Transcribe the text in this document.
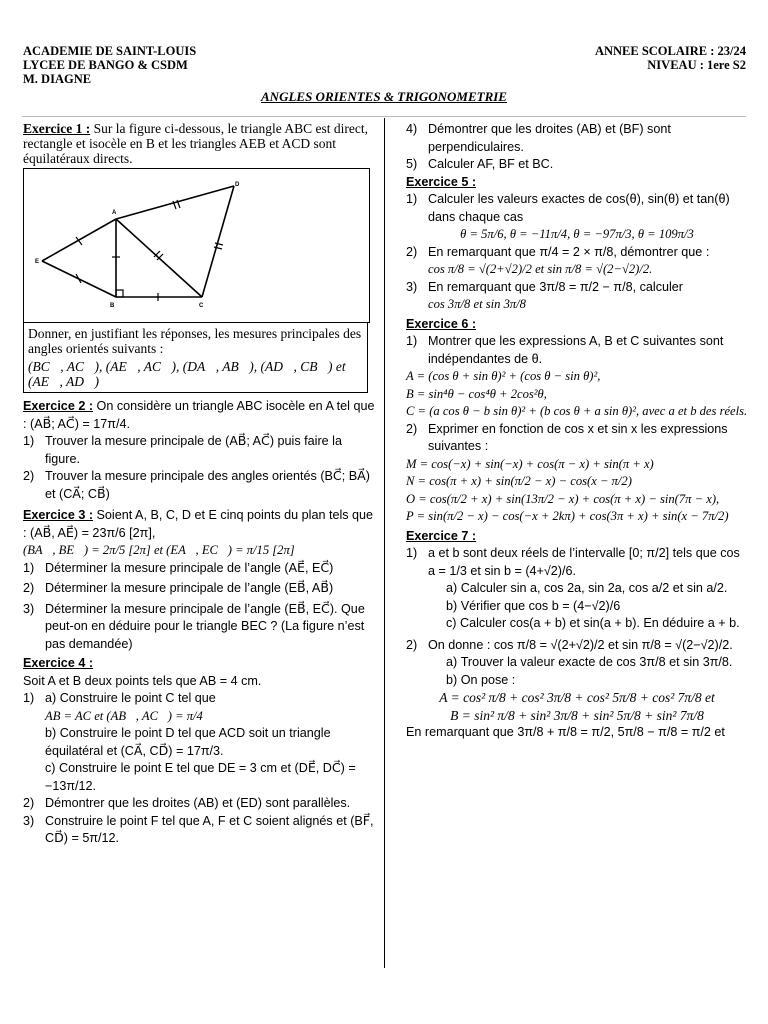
ACADEMIE DE SAINT-LOUIS
LYCEE DE BANGO & CSDM
M. DIAGNE
ANNEE SCOLAIRE : 23/24
NIVEAU : 1ere S2
ANGLES ORIENTES & TRIGONOMETRIE
Exercice 1 : Sur la figure ci-dessous, le triangle ABC est direct, rectangle et isocèle en B et les triangles AEB et ACD sont équilatéraux directs.
A
B	C
D
E
Donner, en justifiant les réponses, les mesures principales des angles orientés suivants :
(BC⃗, AC⃗), (AE⃗, AC⃗), (DA⃗, AB⃗), (AD⃗, CB⃗) et (AE⃗, AD⃗)

Exercice 2 : On considère un triangle ABC isocèle en A tel que : (AB⃗; AC⃗) = 17π/4.

1) Trouver la mesure principale de (AB⃗; AC⃗) puis faire la figure.
2) Trouver la mesure principale des angles orientés (BC⃗; BA⃗) et (CA⃗; CB⃗)

Exercice 3 : Soient A, B, C, D et E cinq points du plan tels que : (AB⃗, AE⃗) = 23π/6 [2π],

(BA⃗, BE⃗) = 2π/5 [2π] et (EA⃗, EC⃗) = π/15 [2π]

1) Déterminer la mesure principale de l’angle (AE⃗, EC⃗)
2) Déterminer la mesure principale de l’angle (EB⃗, AB⃗)
3) Déterminer la mesure principale de l’angle (EB⃗, EC⃗). Que peut-on en déduire pour le triangle BEC ? (La figure n’est pas demandée)

Exercice 4 :

Soit A et B deux points tels que AB = 4 cm.

1) a) Construire le point C tel que
AB = AC et (AB⃗, AC⃗) = π/4
b) Construire le point D tel que ACD soit un triangle équilatéral et (CA⃗, CD⃗) = 17π/3.
c) Construire le point E tel que DE = 3 cm et (DE⃗, DC⃗) = −13π/12.
2) Démontrer que les droites (AB) et (ED) sont parallèles.
3) Construire le point F tel que A, F et C soient alignés et (BF⃗, CD⃗) = 5π/12.
4) Démontrer que les droites (AB) et (BF) sont perpendiculaires.
5) Calculer AF, BF et BC.

Exercice 5 :

1) Calculer les valeurs exactes de cos(θ), sin(θ) et tan(θ) dans chaque cas
θ = 5π/6, θ = −11π/4, θ = −97π/3, θ = 109π/3
2) En remarquant que π/4 = 2 × π/8, démontrer que :
cos π/8 = √(2+√2)/2 et sin π/8 = √(2−√2)/2.
3) En remarquant que 3π/8 = π/2 − π/8, calculer
cos 3π/8 et sin 3π/8

Exercice 6 :

1) Montrer que les expressions A, B et C suivantes sont indépendantes de θ.

A = (cos θ + sin θ)² + (cos θ − sin θ)²,

B = sin⁴θ − cos⁴θ + 2cos²θ,

C = (a cos θ − b sin θ)² + (b cos θ + a sin θ)², avec a et b des réels.

2) Exprimer en fonction de cos x et sin x les expressions suivantes :

M = cos(−x) + sin(−x) + cos(π − x) + sin(π + x)

N = cos(π + x) + sin(π/2 − x) − cos(x − π/2)

O = cos(π/2 + x) + sin(13π/2 − x) + cos(π + x) − sin(7π − x),

P = sin(π/2 − x) − cos(−x + 2kπ) + cos(3π + x) + sin(x − 7π/2)

Exercice 7 :

1) a et b sont deux réels de l’intervalle [0; π/2] tels que cos a = 1/3 et sin b = (4+√2)/6.
a) Calculer sin a, cos 2a, sin 2a, cos a/2 et sin a/2.
b) Vérifier que cos b = (4−√2)/6
c) Calculer cos(a + b) et sin(a + b). En déduire a + b.
2) On donne : cos π/8 = √(2+√2)/2 et sin π/8 = √(2−√2)/2.
a) Trouver la valeur exacte de cos 3π/8 et sin 3π/8.
b) On pose :
A = cos² π/8 + cos² 3π/8 + cos² 5π/8 + cos² 7π/8 et
B = sin² π/8 + sin² 3π/8 + sin² 5π/8 + sin² 7π/8

En remarquant que 3π/8 + π/8 = π/2, 5π/8 − π/8 = π/2 et
